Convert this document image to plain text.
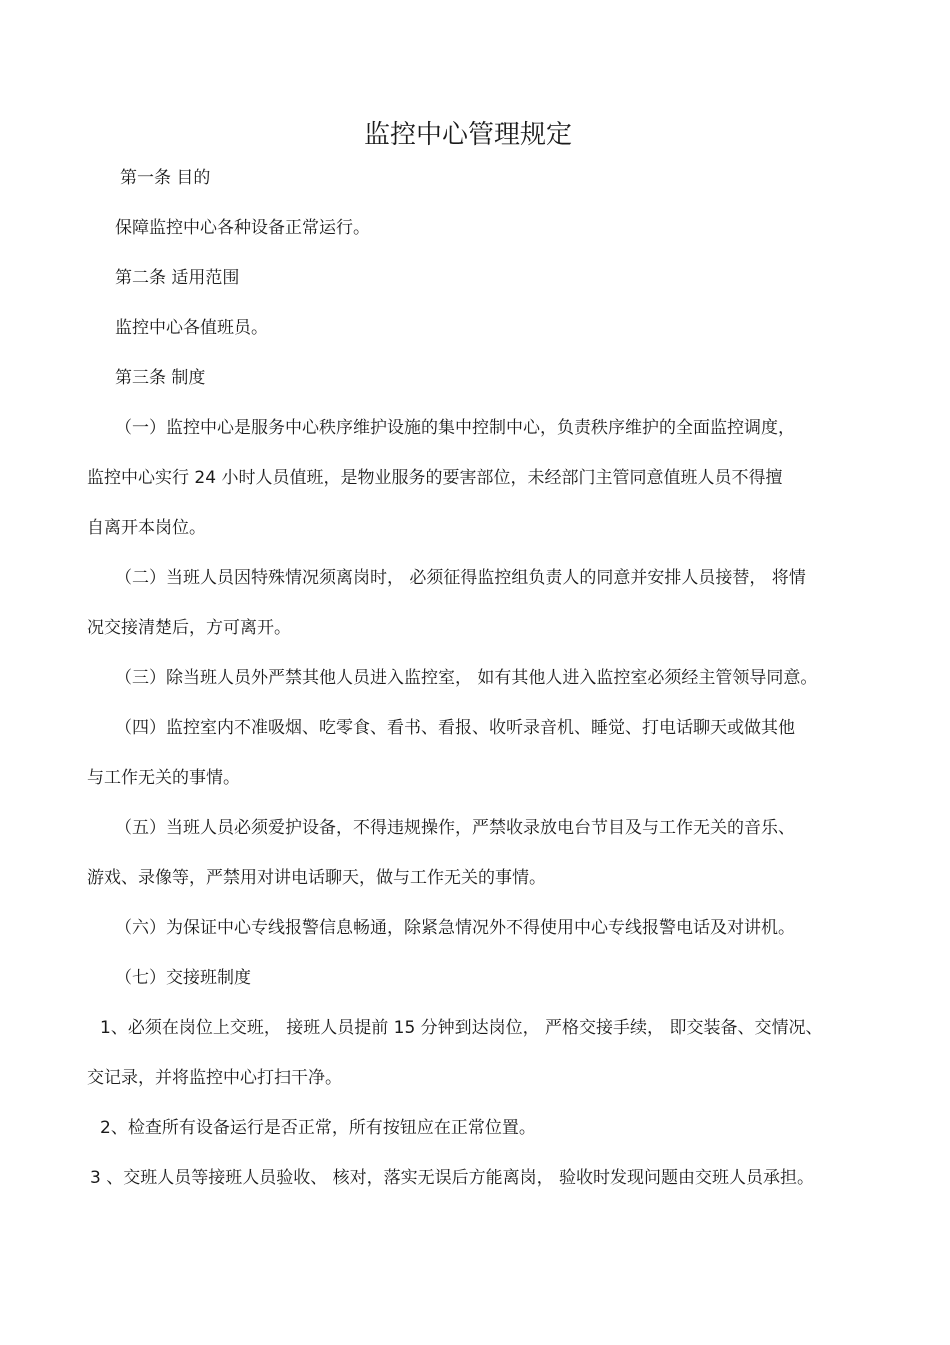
监控中心管理规定
第一条 目的
保障监控中心各种设备正常运行。
第二条 适用范围
监控中心各值班员。
第三条 制度
（一）监控中心是服务中心秩序维护设施的集中控制中心，负责秩序维护的全面监控调度，
监控中心实行 24 小时人员值班，是物业服务的要害部位，未经部门主管同意值班人员不得擅
自离开本岗位。
（二）当班人员因特殊情况须离岗时， 必须征得监控组负责人的同意并安排人员接替， 将情
况交接清楚后，方可离开。
（三）除当班人员外严禁其他人员进入监控室， 如有其他人进入监控室必须经主管领导同意。
（四）监控室内不准吸烟、吃零食、看书、看报、收听录音机、睡觉、打电话聊天或做其他
与工作无关的事情。
（五）当班人员必须爱护设备，不得违规操作，严禁收录放电台节目及与工作无关的音乐、
游戏、录像等，严禁用对讲电话聊天，做与工作无关的事情。
（六）为保证中心专线报警信息畅通，除紧急情况外不得使用中心专线报警电话及对讲机。
（七）交接班制度
1、必须在岗位上交班， 接班人员提前 15 分钟到达岗位， 严格交接手续， 即交装备、交情况、
交记录，并将监控中心打扫干净。
2、检查所有设备运行是否正常，所有按钮应在正常位置。
3 、交班人员等接班人员验收、 核对，落实无误后方能离岗， 验收时发现问题由交班人员承担。
